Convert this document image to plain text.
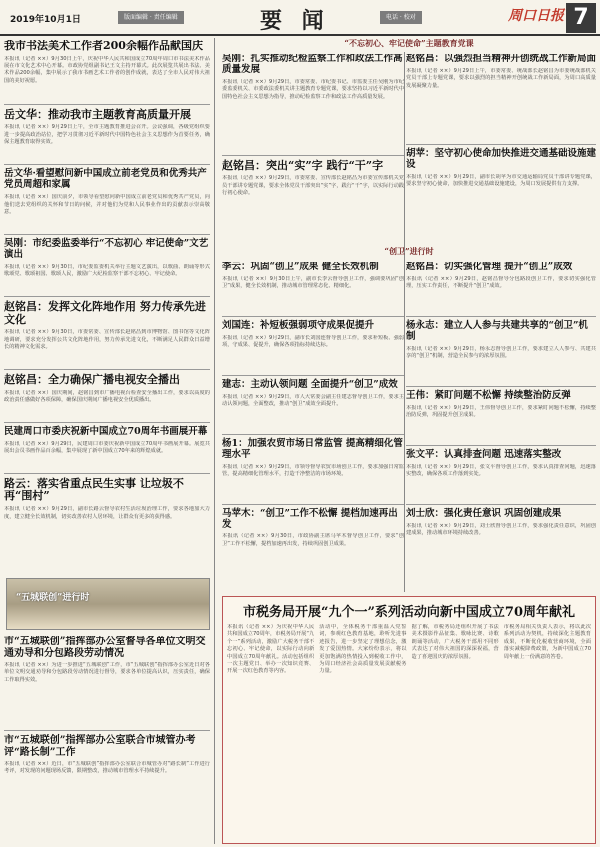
2019年10月1日	版面编辑 · 责任编辑	要 闻	电话 · 校对	周口日报 7
“不忘初心、牢记使命”主题教育党课
“创卫”进行时
我市书法美术工作者200余幅作品献国庆
本报讯（记者 ××）9月30日上午，庆祝中华人民共和国成立70周年周口市书法美术作品展在市文化艺术中心开幕。市政协党组副书记王文主持开幕式。此次展览共展出书法、美术作品200余幅，集中展示了我市书画艺术工作者的创作成就，表达了全市人民对伟大祖国的美好祝愿。
岳文华：推动我市主题教育高质量开展
本报讯（记者 ××）9月29日上午，全市主题教育推进会召开。会议强调，各级党组织要进一步提高政治站位，把学习贯彻习近平新时代中国特色社会主义思想作为首要任务，确保主题教育取得实效。
岳文华·看望慰问新中国成立前老党员和优秀共产党员周超和家属
本报讯（记者 ××）国庆前夕，市领导看望慰问新中国成立前老党员和优秀共产党员，向他们送去党组织的关怀和节日的问候，并对他们为党和人民事业作出的贡献表示崇高敬意。
吴刚：市纪委监委举行“不忘初心 牢记使命”文艺演出
本报讯（记者 ××）9月30日，市纪委监委机关举行主题文艺演出，以歌曲、朗诵等形式歌颂党、歌颂祖国、歌颂人民，激励广大纪检监察干部不忘初心、牢记使命。
赵铭昌：发挥文化阵地作用 努力传承先进文化
本报讯（记者 ××）9月30日，市委常委、宣传部长赵铭昌到市博物馆、图书馆等文化阵地调研，要求充分发挥公共文化阵地作用，努力传承先进文化，不断满足人民群众日益增长的精神文化需求。
赵铭昌：全力确保广播电视安全播出
本报讯（记者 ××）国庆期间，赵铭昌到市广播电视台检查安全播出工作，要求以高度的政治责任感做好各项保障，确保国庆期间广播电视安全优质播出。
民建周口市委庆祝新中国成立70周年书画展开幕
本报讯（记者 ××）9月29日，民建周口市委庆祝新中国成立70周年书画展开幕。展览共展出会员书画作品百余幅，集中展现了新中国成立70年来的辉煌成就。
路云：落实省重点民生实事 让垃圾不再“围村”
本报讯（记者 ××）9月29日，副市长路云督导农村生活垃圾治理工作，要求各地加大力度，建立健全长效机制，切实改善农村人居环境，让群众有更多的获得感。
“五城联创”进行时
市“五城联创”指挥部办公室督导各单位文明交通劝导和分包路段劳动情况
本报讯（记者 ××）为进一步推进“五城联创”工作，市“五城联创”指挥部办公室近日对各单位文明交通劝导和分包路段劳动情况进行督导，要求各单位提高认识，压实责任，确保工作取得实效。
市“五城联创”指挥部办公室联合市城管办考评“路长制”工作
本报讯（记者 ××）近日，市“五城联创”指挥部办公室联合市城管办对“路长制”工作进行考评，对发现的问题现场反馈，限期整改，推动城市管理水平持续提升。
吴刚：扎实推动纪检监察工作和政法工作高质量发展
本报讯（记者 ××）9月29日，市委常委、市纪委书记、市监委主任吴刚为市纪委监委机关、市委政法委机关讲主题教育专题党课，要求坚持以习近平新时代中国特色社会主义思想为指导，推动纪检监察工作和政法工作高质量发展。
赵铭昌：突出“实”字 践行“干”字
本报讯（记者 ××）9月29日，市委常委、宣传部长赵铭昌为市委宣传部机关党员干部讲专题党课，要求全体党员干部突出“实”字，践行“干”字，以实际行动践行初心使命。
李云：巩固“创卫”成果 健全长效机制
本报讯（记者 ××）9月30日上午，副市长李云督导创卫工作，强调要巩固“创卫”成果，健全长效机制，推动城市管理常态化、精细化。
刘国连：补短板强弱项守成果促提升
本报讯（记者 ××）9月29日，副市长刘国连督导创卫工作，要求补短板、强弱项，守成果、促提升，确保各项指标持续达标。
建志：主动认领问题 全面提升“创卫”成效
本报讯（记者 ××）9月29日，市人大常委会副主任建志督导创卫工作，要求主动认领问题，全面整改，推动“创卫”成效全面提升。
杨1：加强农贸市场日常监管 提高精细化管理水平
本报讯（记者 ××）9月29日，市领导督导农贸市场创卫工作，要求加强日常监管，提高精细化管理水平，打造干净整洁的市场环境。
马苹木：“创卫”工作不松懈 提档加速再出发
本报讯（记者 ××）9月30日，市政协副主席马苹木督导创卫工作，要求“创卫”工作不松懈，提档加速再出发，持续巩固创卫成果。
赵铭昌：以强烈担当精神开创统战工作新局面
本报讯（记者 ××）9月29日上午，市委常委、统战部长赵铭昌为市委统战部机关党员干部上专题党课，要求以强烈的担当精神开创统战工作新局面，为周口高质量发展凝聚力量。
胡苹：坚守初心使命加快推进交通基础设施建设
本报讯（记者 ××）9月29日，副市长胡苹为市交通运输局党员干部讲专题党课，要求坚守初心使命，加快推进交通基础设施建设，为周口发展提供有力支撑。
赵铭昌：切实强化管理 提升“创卫”成效
本报讯（记者 ××）9月29日，赵铭昌督导分包路段创卫工作，要求切实强化管理，压实工作责任，不断提升“创卫”成效。
杨永志：建立人人参与共建共享的“创卫”机制
本报讯（记者 ××）9月29日，杨永志督导创卫工作，要求建立人人参与、共建共享的“创卫”机制，营造全民参与的浓厚氛围。
王伟：紧盯问题不松懈 持续整治防反弹
本报讯（记者 ××）9月29日，王伟督导创卫工作，要求紧盯问题不松懈，持续整治防反弹，巩固提升创卫成果。
张文平：认真排查问题 迅速落实整改
本报讯（记者 ××）9月29日，张文平督导创卫工作，要求认真排查问题，迅速落实整改，确保各项工作落到实处。
刘士欣：强化责任意识 巩固创建成果
本报讯（记者 ××）9月29日，刘士欣督导创卫工作，要求强化责任意识，巩固创建成果，推动城市环境持续改善。
市税务局开展“九个一”系列活动向新中国成立70周年献礼
本报讯（记者 ××）为庆祝中华人民共和国成立70周年，市税务局开展“九个一”系列活动，激励广大税务干部不忘初心、牢记使命，以实际行动向新中国成立70周年献礼。活动包括组织一次主题党日、举办一次知识竞赛、开展一次红色教育等内容。
活动中，全体税务干部重温入党誓词，参观红色教育基地，聆听先进事迹报告，进一步坚定了理想信念，激发了爱国热情。大家纷纷表示，将以更加饱满的热情投入到税收工作中，为周口经济社会高质量发展贡献税务力量。
据了解，市税务局还组织开展了书法美术摄影作品征集、歌咏比赛、诗歌朗诵等活动，广大税务干部用不同形式表达了对伟大祖国的深深祝福，营造了喜迎国庆的浓厚氛围。
市税务局相关负责人表示，将以此次系列活动为契机，持续深化主题教育成果，不断优化税收营商环境，全面落实减税降费政策，为新中国成立70周年献上一份满意的答卷。
